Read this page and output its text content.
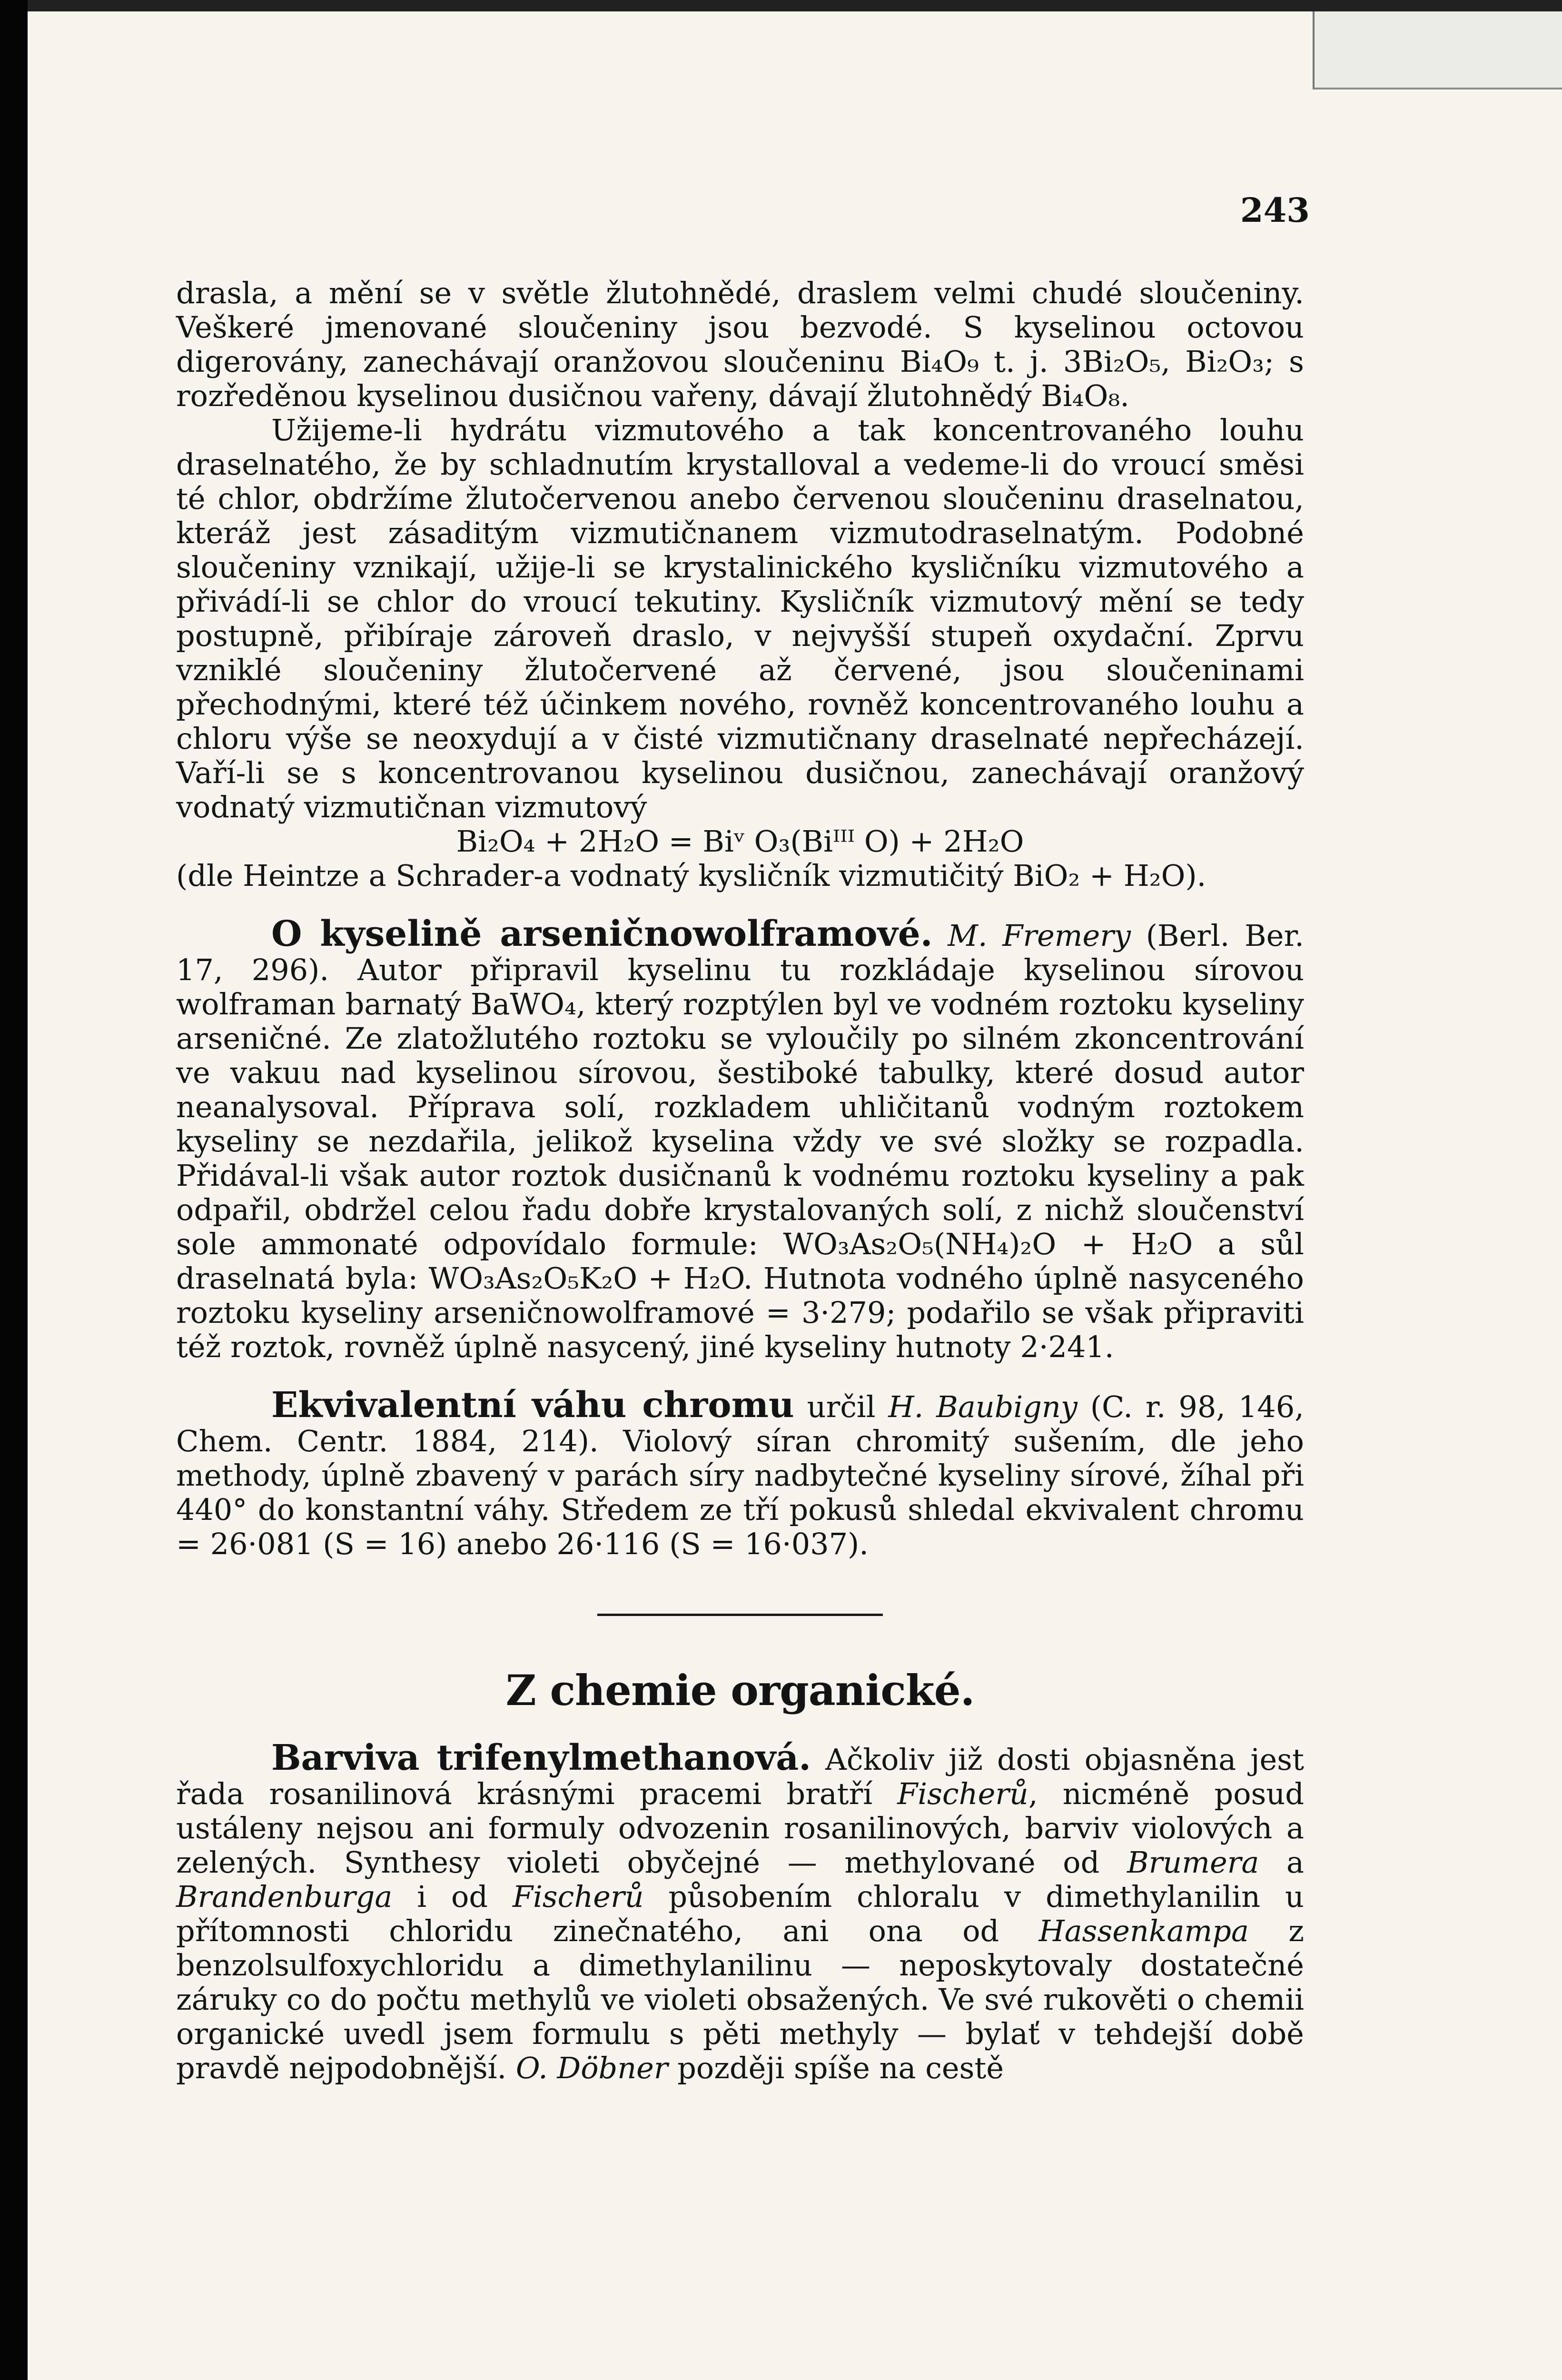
243

drasla, a mění se v světle žlutohnědé, draslem velmi chudé sloučeniny. Veškeré jmenované sloučeniny jsou bezvodé. S kyselinou octovou digerovány, zanechávají oranžovou sloučeninu Bi₄O₉ t. j. 3Bi₂O₅, Bi₂O₃; s rozředěnou kyselinou dusičnou vařeny, dávají žlutohnědý Bi₄O₈.

Užijeme-li hydrátu vizmutového a tak koncentrovaného louhu draselnatého, že by schladnutím krystalloval a vedeme-li do vroucí směsi té chlor, obdržíme žlutočervenou anebo červenou sloučeninu draselnatou, kteráž jest zásaditým vizmutičnanem vizmutodraselnatým. Podobné sloučeniny vznikají, užije-li se krystalinického kysličníku vizmutového a přivádí-li se chlor do vroucí tekutiny. Kysličník vizmutový mění se tedy postupně, přibíraje zároveň draslo, v nejvyšší stupeň oxydační. Zprvu vzniklé sloučeniny žlutočervené až červené, jsou sloučeninami přechodnými, které též účinkem nového, rovněž koncentrovaného louhu a chloru výše se neoxydují a v čisté vizmutičnany draselnaté nepřecházejí. Vaří-li se s koncentrovanou kyselinou dusičnou, zanechávají oranžový vodnatý vizmutičnan vizmutový

Bi₂O₄ + 2H₂O = Biᵛ O₃(Biᴵᴵᴵ O) + 2H₂O

(dle Heintze a Schrader-a vodnatý kysličník vizmutičitý BiO₂ + H₂O).

O kyselině arseničnowolframové. M. Fremery (Berl. Ber. 17, 296). Autor připravil kyselinu tu rozkládaje kyselinou sírovou wolframan barnatý BaWO₄, který rozptýlen byl ve vodném roztoku kyseliny arseničné. Ze zlatožlutého roztoku se vyloučily po silném zkoncentrování ve vakuu nad kyselinou sírovou, šestiboké tabulky, které dosud autor neanalysoval. Příprava solí, rozkladem uhličitanů vodným roztokem kyseliny se nezdařila, jelikož kyselina vždy ve své složky se rozpadla. Přidával-li však autor roztok dusičnanů k vodnému roztoku kyseliny a pak odpařil, obdržel celou řadu dobře krystalovaných solí, z nichž sloučenství sole ammonaté odpovídalo formule: WO₃As₂O₅(NH₄)₂O + H₂O a sůl draselnatá byla: WO₃As₂O₅K₂O + H₂O. Hutnota vodného úplně nasyceného roztoku kyseliny arseničnowolframové = 3·279; podařilo se však připraviti též roztok, rovněž úplně nasycený, jiné kyseliny hutnoty 2·241.

Ekvivalentní váhu chromu určil H. Baubigny (C. r. 98, 146, Chem. Centr. 1884, 214). Violový síran chromitý sušením, dle jeho methody, úplně zbavený v parách síry nadbytečné kyseliny sírové, žíhal při 440° do konstantní váhy. Středem ze tří pokusů shledal ekvivalent chromu = 26·081 (S = 16) anebo 26·116 (S = 16·037).

Z chemie organické.

Barviva trifenylmethanová. Ačkoliv již dosti objasněna jest řada rosanilinová krásnými pracemi bratří Fischerů, nicméně posud ustáleny nejsou ani formuly odvozenin rosanilinových, barviv violových a zelených. Synthesy violeti obyčejné — methylované od Brumera a Brandenburga i od Fischerů působením chloralu v dimethylanilin u přítomnosti chloridu zinečnatého, ani ona od Hassenkampa z benzolsulfoxychloridu a dimethylanilinu — neposkytovaly dostatečné záruky co do počtu methylů ve violeti obsažených. Ve své rukověti o chemii organické uvedl jsem formulu s pěti methyly — bylať v tehdejší době pravdě nejpodobnější. O. Döbner později spíše na cestě
